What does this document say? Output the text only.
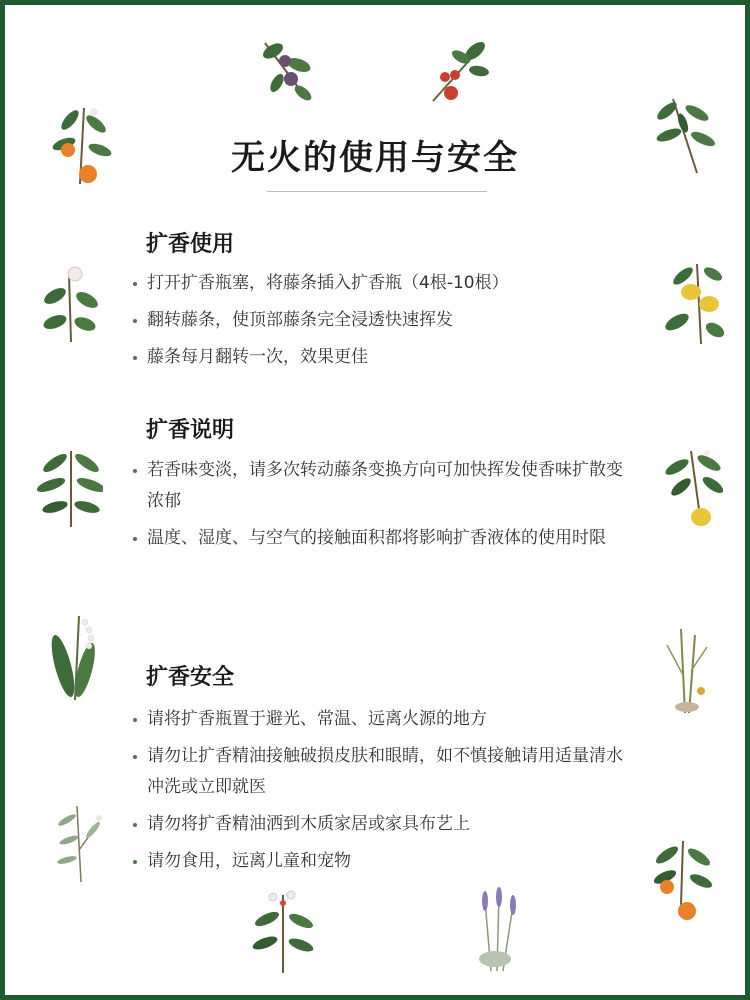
无火的使用与安全
扩香使用
打开扩香瓶塞，将藤条插入扩香瓶（4根-10根）
翻转藤条，使顶部藤条完全浸透快速挥发
藤条每月翻转一次，效果更佳
扩香说明
若香味变淡，请多次转动藤条变换方向可加快挥发使香味扩散变浓郁
温度、湿度、与空气的接触面积都将影响扩香液体的使用时限
扩香安全
请将扩香瓶置于避光、常温、远离火源的地方
请勿让扩香精油接触破损皮肤和眼睛，如不慎接触请用适量清水冲洗或立即就医
请勿将扩香精油洒到木质家居或家具布艺上
请勿食用，远离儿童和宠物
